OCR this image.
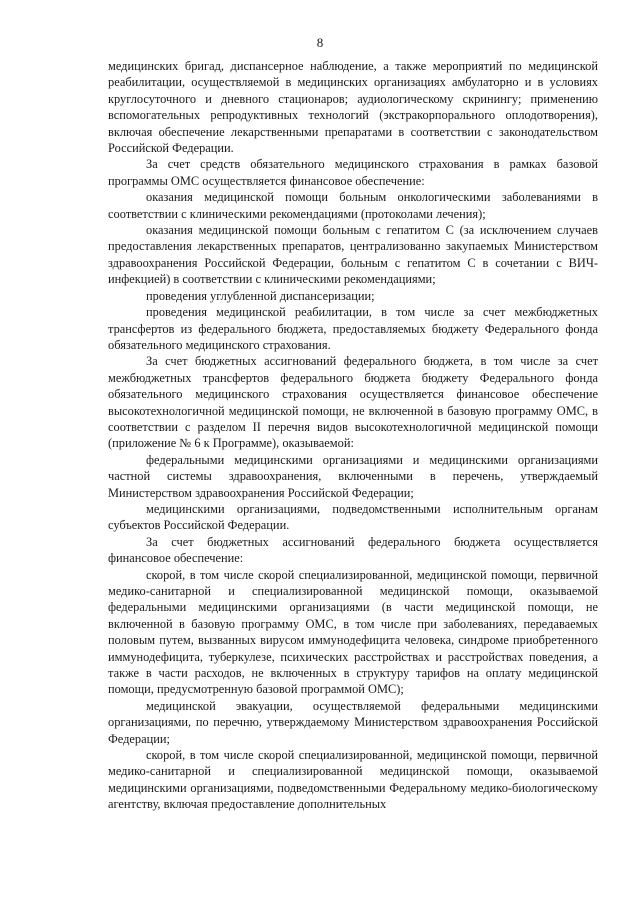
8

медицинских бригад, диспансерное наблюдение, а также мероприятий по медицинской реабилитации, осуществляемой в медицинских организациях амбулаторно и в условиях круглосуточного и дневного стационаров; аудиологическому скринингу; применению вспомогательных репродуктивных технологий (экстракорпорального оплодотворения), включая обеспечение лекарственными препаратами в соответствии с законодательством Российской Федерации.

За счет средств обязательного медицинского страхования в рамках базовой программы ОМС осуществляется финансовое обеспечение:

оказания медицинской помощи больным онкологическими заболеваниями в соответствии с клиническими рекомендациями (протоколами лечения);

оказания медицинской помощи больным с гепатитом С (за исключением случаев предоставления лекарственных препаратов, централизованно закупаемых Министерством здравоохранения Российской Федерации, больным с гепатитом С в сочетании с ВИЧ-инфекцией) в соответствии с клиническими рекомендациями;

проведения углубленной диспансеризации;

проведения медицинской реабилитации, в том числе за счет межбюджетных трансфертов из федерального бюджета, предоставляемых бюджету Федерального фонда обязательного медицинского страхования.

За счет бюджетных ассигнований федерального бюджета, в том числе за счет межбюджетных трансфертов федерального бюджета бюджету Федерального фонда обязательного медицинского страхования осуществляется финансовое обеспечение высокотехнологичной медицинской помощи, не включенной в базовую программу ОМС, в соответствии с разделом II перечня видов высокотехнологичной медицинской помощи (приложение № 6 к Программе), оказываемой:

федеральными медицинскими организациями и медицинскими организациями частной системы здравоохранения, включенными в перечень, утверждаемый Министерством здравоохранения Российской Федерации;

медицинскими организациями, подведомственными исполнительным органам субъектов Российской Федерации.

За счет бюджетных ассигнований федерального бюджета осуществляется финансовое обеспечение:

скорой, в том числе скорой специализированной, медицинской помощи, первичной медико-санитарной и специализированной медицинской помощи, оказываемой федеральными медицинскими организациями (в части медицинской помощи, не включенной в базовую программу ОМС, в том числе при заболеваниях, передаваемых половым путем, вызванных вирусом иммунодефицита человека, синдроме приобретенного иммунодефицита, туберкулезе, психических расстройствах и расстройствах поведения, а также в части расходов, не включенных в структуру тарифов на оплату медицинской помощи, предусмотренную базовой программой ОМС);

медицинской эвакуации, осуществляемой федеральными медицинскими организациями, по перечню, утверждаемому Министерством здравоохранения Российской Федерации;

скорой, в том числе скорой специализированной, медицинской помощи, первичной медико-санитарной и специализированной медицинской помощи, оказываемой медицинскими организациями, подведомственными Федеральному медико-биологическому агентству, включая предоставление дополнительных
